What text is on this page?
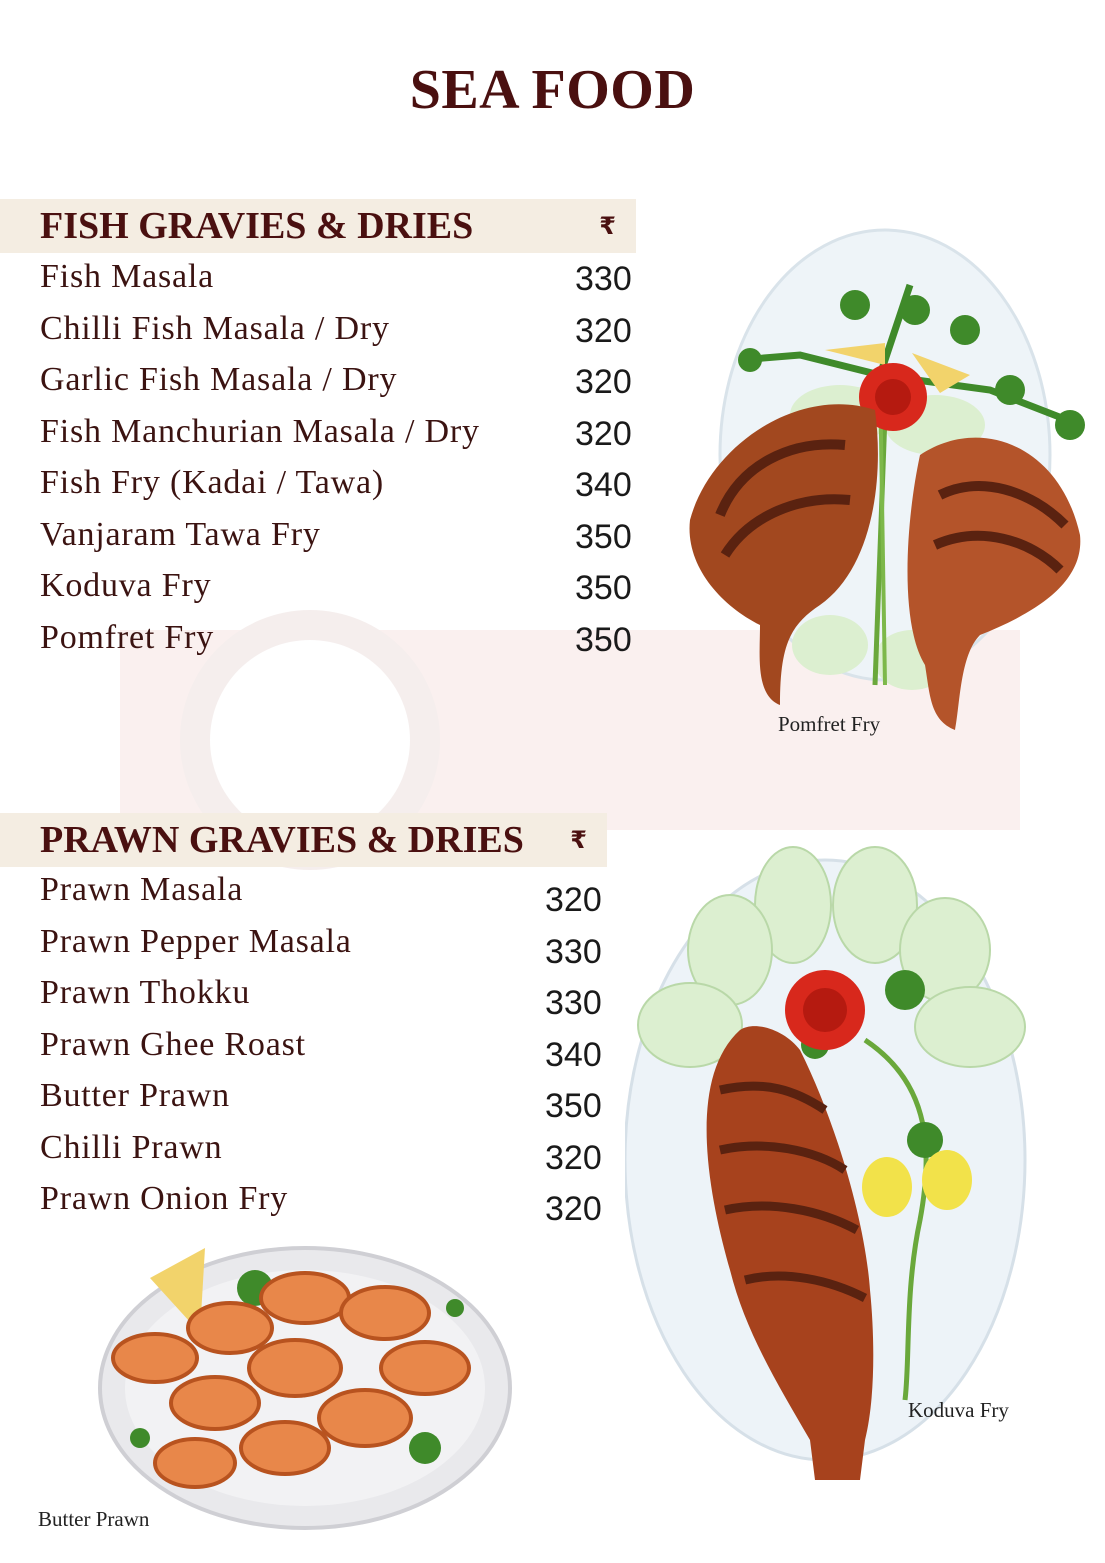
SEA FOOD
FISH GRAVIES & DRIES	₹
Fish Masala	330
Chilli Fish Masala / Dry	320
Garlic Fish Masala / Dry	320
Fish Manchurian Masala / Dry	320
Fish Fry (Kadai / Tawa)	340
Vanjaram Tawa Fry	350
Koduva Fry	350
Pomfret Fry	350
Pomfret Fry
PRAWN GRAVIES & DRIES ₹
Prawn Masala	320
Prawn Pepper Masala	330
Prawn Thokku	330
Prawn Ghee Roast	340
Butter Prawn	350
Chilli Prawn	320
Prawn Onion Fry	320
Koduva Fry
Butter Prawn
